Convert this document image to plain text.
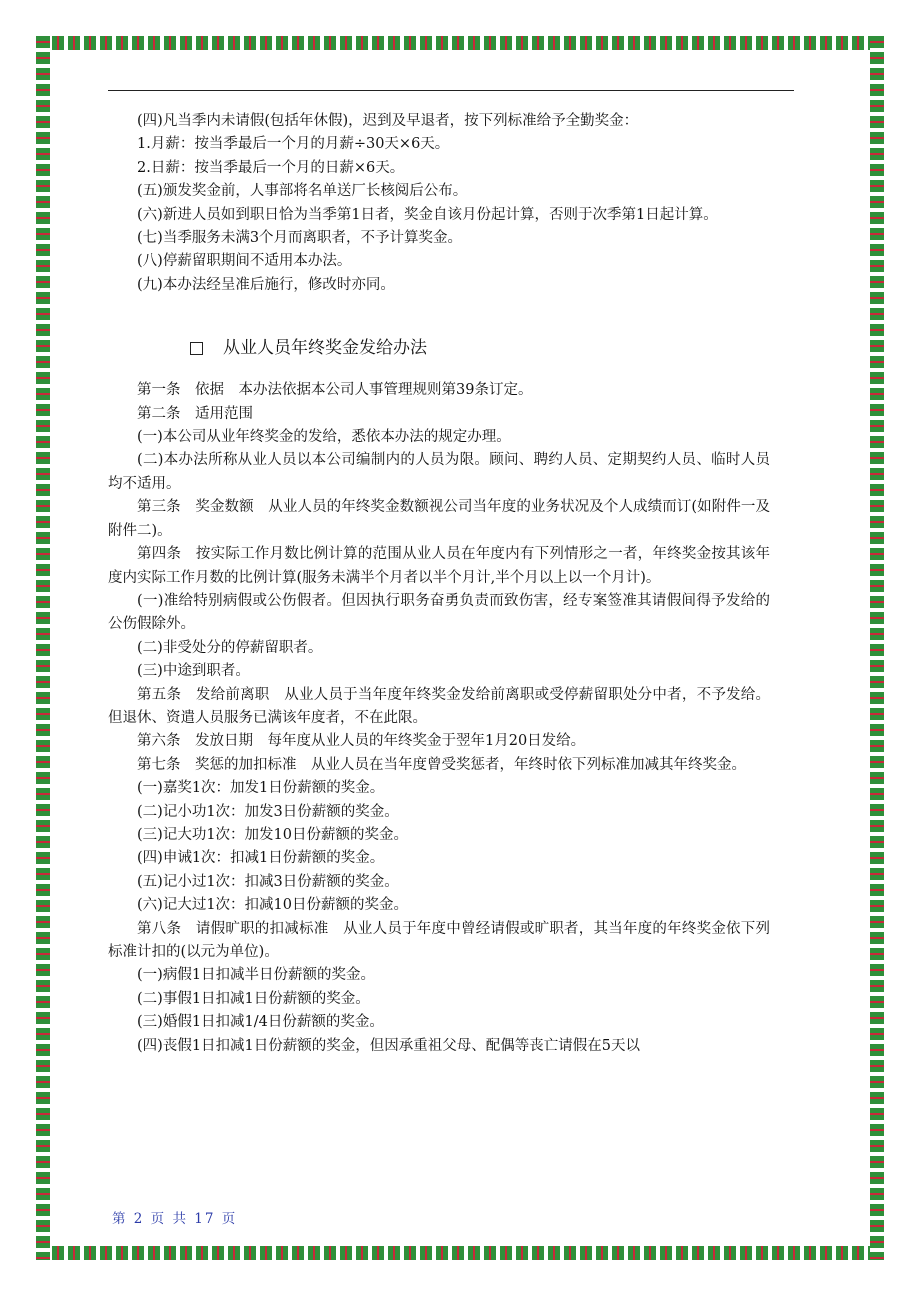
(四)凡当季内未请假(包括年休假)，迟到及早退者，按下列标准给予全勤奖金：

1.月薪：按当季最后一个月的月薪÷30天×6天。

2.日薪：按当季最后一个月的日薪×6天。

(五)颁发奖金前，人事部将名单送厂长核阅后公布。

(六)新进人员如到职日恰为当季第1日者，奖金自该月份起计算，否则于次季第1日起计算。

(七)当季服务未满3个月而离职者，不予计算奖金。

(八)停薪留职期间不适用本办法。

(九)本办法经呈准后施行，修改时亦同。

从业人员年终奖金发给办法

第一条　依据　本办法依据本公司人事管理规则第39条订定。

第二条　适用范围

(一)本公司从业年终奖金的发给，悉依本办法的规定办理。

(二)本办法所称从业人员以本公司编制内的人员为限。顾问、聘约人员、定期契约人员、临时人员均不适用。

第三条　奖金数额　从业人员的年终奖金数额视公司当年度的业务状况及个人成绩而订(如附件一及附件二)。

第四条　按实际工作月数比例计算的范围从业人员在年度内有下列情形之一者，年终奖金按其该年度内实际工作月数的比例计算(服务未满半个月者以半个月计,半个月以上以一个月计)。

(一)准给特别病假或公伤假者。但因执行职务奋勇负责而致伤害，经专案签准其请假间得予发给的公伤假除外。

(二)非受处分的停薪留职者。

(三)中途到职者。

第五条　发给前离职　从业人员于当年度年终奖金发给前离职或受停薪留职处分中者，不予发给。但退休、资遣人员服务已满该年度者，不在此限。

第六条　发放日期　每年度从业人员的年终奖金于翌年1月20日发给。

第七条　奖惩的加扣标准　从业人员在当年度曾受奖惩者，年终时依下列标准加减其年终奖金。

(一)嘉奖1次：加发1日份薪额的奖金。

(二)记小功1次：加发3日份薪额的奖金。

(三)记大功1次：加发10日份薪额的奖金。

(四)申诫1次：扣减1日份薪额的奖金。

(五)记小过1次：扣减3日份薪额的奖金。

(六)记大过1次：扣减10日份薪额的奖金。

第八条　请假旷职的扣减标准　从业人员于年度中曾经请假或旷职者，其当年度的年终奖金依下列标准计扣的(以元为单位)。

(一)病假1日扣减半日份薪额的奖金。

(二)事假1日扣减1日份薪额的奖金。

(三)婚假1日扣减1/4日份薪额的奖金。

(四)丧假1日扣减1日份薪额的奖金，但因承重祖父母、配偶等丧亡请假在5天以

第 2 页 共 17 页
